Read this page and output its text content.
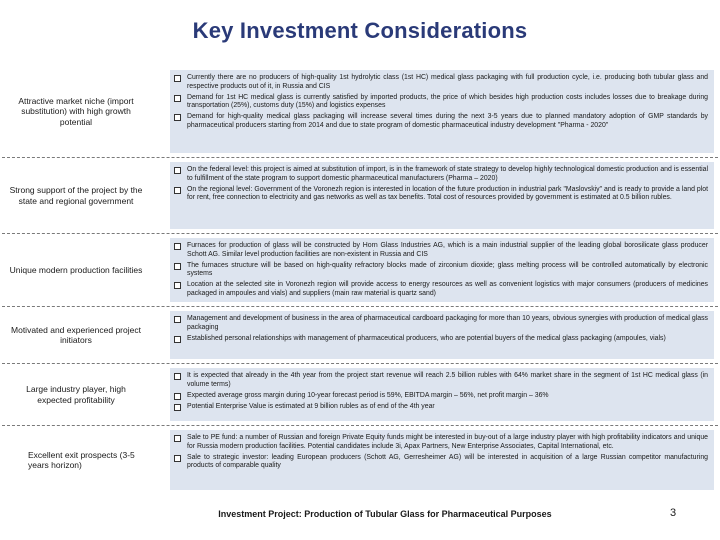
Key Investment Considerations
Attractive market niche (import substitution) with high growth potential
Currently there are no producers of high-quality 1st hydrolytic class (1st HC) medical glass packaging with full production cycle, i.e. producing both tubular glass and respective products out of it, in Russia and CIS
Demand for 1st HC medical glass is currently satisfied by imported products, the price of which besides high production costs includes losses due to breakage during transportation (25%), customs duty (15%) and logistics expenses
Demand for high-quality medical glass packaging will increase several times during the next 3-5 years due to planned mandatory adoption of GMP standards by pharmaceutical producers starting from 2014 and due to state program of domestic pharmaceutical industry development "Pharma - 2020"
Strong support of the project by the state and regional government
On the federal level: this project is aimed at substitution of import, is in the framework of state strategy to develop highly technological domestic production and is essential to fulfillment of the state program to support domestic pharmaceutical manufacturers (Pharma – 2020)
On the regional level: Government of the Voronezh region is interested in location of the future production in industrial park "Maslovskiy" and is ready to provide a land plot for rent, free connection to electricity and gas networks as well as tax benefits. Total cost of resources provided by government is estimated at 0.5 billion rubles.
Unique modern production facilities
Furnaces for production of glass will be constructed by Horn Glass Industries AG, which is a main industrial supplier of the leading global borosilicate glass producer Schott AG. Similar level production facilities are non-existent in Russia and CIS
The furnaces structure will be based on high-quality refractory blocks made of zirconium dioxide; glass melting process will be controlled automatically by electronic systems
Location at the selected site in Voronezh region will provide access to energy resources as well as convenient logistics with major consumers (producers of medicines packaged in ampoules and vials) and suppliers (main raw material is quartz sand)
Motivated and experienced project initiators
Management and development of business in the area of pharmaceutical cardboard packaging for more than 10 years, obvious synergies with production of medical glass packaging
Established personal relationships with management of pharmaceutical producers, who are potential buyers of the medical glass packaging (ampoules, vials)
Large industry player, high expected profitability
It is expected that already in the 4th year from the project start revenue will reach 2.5 billion rubles with 64% market share in the segment of 1st HC medical glass (in volume terms)
Expected average gross margin during 10-year forecast period is 59%, EBITDA margin – 56%, net profit margin – 36%
Potential Enterprise Value is estimated at 9 billion rubles as of end of the 4th year
Excellent exit prospects (3-5 years horizon)
Sale to PE fund: a number of Russian and foreign Private Equity funds might be interested in buy-out of a large industry player with high profitability indicators and unique for Russia modern production facilities. Potential candidates include 3i, Apax Partners, New Enterprise Associates, Capital International, etc.
Sale to strategic investor: leading European producers (Schott AG, Gerresheimer AG) will be interested in acquisition of a large Russian competitor manufacturing products of comparable quality
Investment Project: Production of Tubular Glass for Pharmaceutical Purposes	3
